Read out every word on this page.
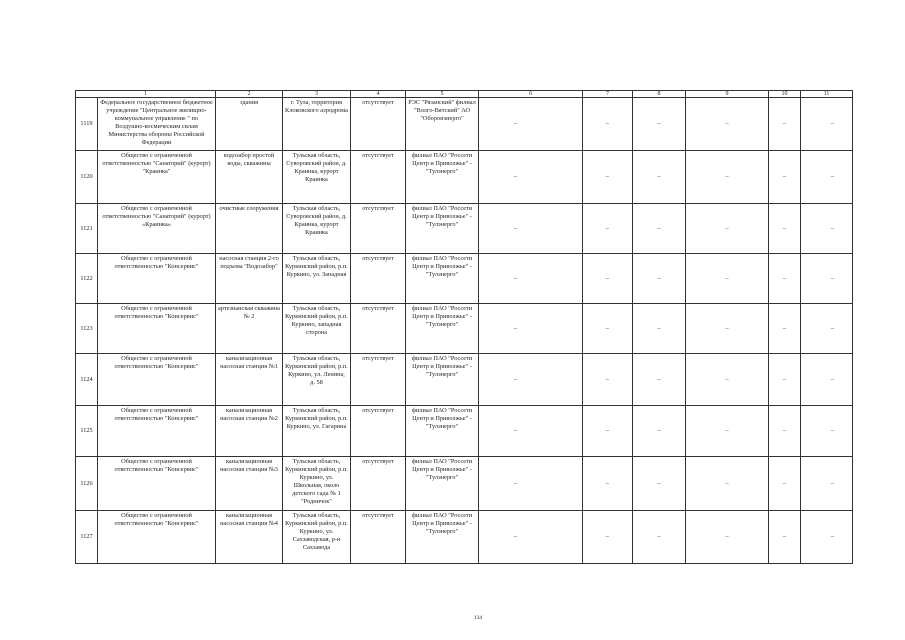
1		2	3	4	5	6	7	8	9	10	11
1119	Федеральное государственное бюджетное учреждение "Центральное жилищно-коммунальное управление " по Воздушно-космическим силам Министерства обороны Российской Федерации	здания	г. Тула, территория Клоковского аэродрома	отсутствует	РЭС "Рязанский" филиал "Волго-Вятский" АО "Оборонэнерго"	–	–	–	–	–	–
1120	Общество с ограниченной ответственностью "Санаторий" (курорт) "Краинка"	водозабор простой воды, скважины	Тульская область, Суворовский район, д. Краинка, курорт Краинка	отсутствует	филиал ПАО "Россети Центр и Приволжье" - "Тулэнерго"	–	–	–	–	–	–
1121	Общество с ограниченной ответственностью "Санаторий" (курорт) «Краинка»	очистные сооружения	Тульская область, Суворовский район, д. Краинка, курорт Краинка	отсутствует	филиал ПАО "Россети Центр и Приволжье" - "Тулэнерго"	–	–	–	–	–	–
1122	Общество с ограниченной ответственностью "Консервис"	насосная станция 2-го подъема "Водозабор"	Тульская область, Куркинский район, р.п. Куркино, ул. Западная	отсутствует	филиал ПАО "Россети Центр и Приволжье" - "Тулэнерго"	–	–	–	–	–	–
1123	Общество с ограниченной ответственностью "Консервис"	артезианская скважина № 2	Тульская область, Куркинский район, р.п. Куркино, западная сторона	отсутствует	филиал ПАО "Россети Центр и Приволжье" - "Тулэнерго"	–	–	–	–	–	–
1124	Общество с ограниченной ответственностью "Консервис"	канализационная насосная станция №1	Тульская область, Куркинский район, р.п. Куркино, ул. Ленина, д. 58	отсутствует	филиал ПАО "Россети Центр и Приволжье" - "Тулэнерго"	–	–	–	–	–	–
1125	Общество с ограниченной ответственностью "Консервис"	канализационная насосная станция №2	Тульская область, Куркинский район, р.п. Куркино, ул. Гагарина	отсутствует	филиал ПАО "Россети Центр и Приволжье" - "Тулэнерго"	–	–	–	–	–	–
1126	Общество с ограниченной ответственностью "Консервис"	канализационная насосная станция №3	Тульская область, Куркинский район, р.п. Куркино, ул. Школьная, около детского сада № 1 "Родничок"	отсутствует	филиал ПАО "Россети Центр и Приволжье" - "Тулэнерго"	–	–	–	–	–	–
1127	Общество с ограниченной ответственностью "Консервис"	канализационная насосная станция №4	Тульская область, Куркинский район, р.п. Куркино, ул. Сахзаводская, р-н Сахзавода	отсутствует	филиал ПАО "Россети Центр и Приволжье" - "Тулэнерго"	–	–	–	–	–	–
134
